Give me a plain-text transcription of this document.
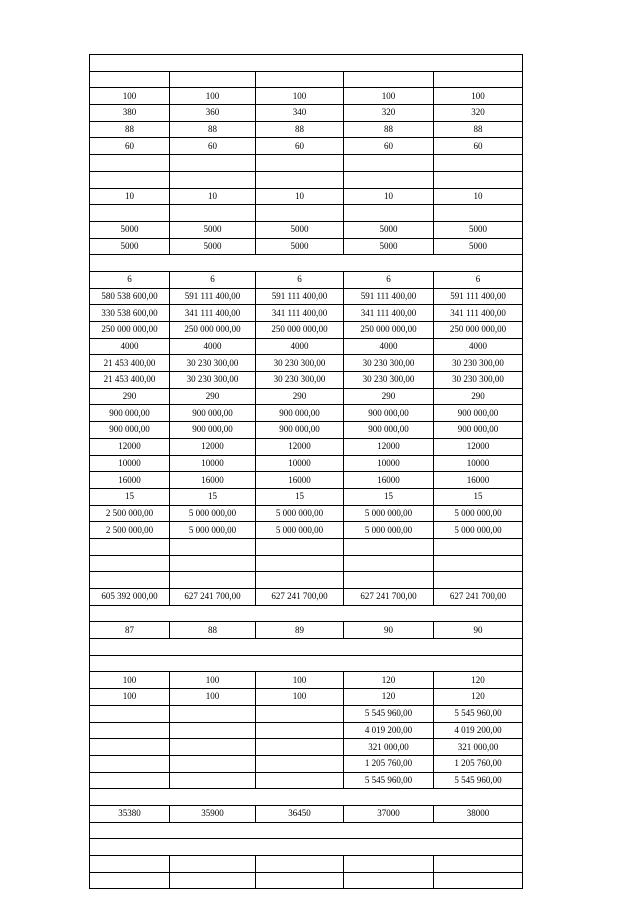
100	100	100	100	100
380	360	340	320	320
88	88	88	88	88
60	60	60	60	60

10	10	10	10	10

5000	5000	5000	5000	5000
5000	5000	5000	5000	5000

6	6	6	6	6
580 538 600,00	591 111 400,00	591 111 400,00	591 111 400,00	591 111 400,00
330 538 600,00	341 111 400,00	341 111 400,00	341 111 400,00	341 111 400,00
250 000 000,00	250 000 000,00	250 000 000,00	250 000 000,00	250 000 000,00
4000	4000	4000	4000	4000
21 453 400,00	30 230 300,00	30 230 300,00	30 230 300,00	30 230 300,00
21 453 400,00	30 230 300,00	30 230 300,00	30 230 300,00	30 230 300,00
290	290	290	290	290
900 000,00	900 000,00	900 000,00	900 000,00	900 000,00
900 000,00	900 000,00	900 000,00	900 000,00	900 000,00
12000	12000	12000	12000	12000
10000	10000	10000	10000	10000
16000	16000	16000	16000	16000
15	15	15	15	15
2 500 000,00	5 000 000,00	5 000 000,00	5 000 000,00	5 000 000,00
2 500 000,00	5 000 000,00	5 000 000,00	5 000 000,00	5 000 000,00

605 392 000,00	627 241 700,00	627 241 700,00	627 241 700,00	627 241 700,00

87	88	89	90	90

100	100	100	120	120
100	100	100	120	120
			5 545 960,00	5 545 960,00
			4 019 200,00	4 019 200,00
			321 000,00	321 000,00
			1 205 760,00	1 205 760,00
			5 545 960,00	5 545 960,00

35380	35900	36450	37000	38000
